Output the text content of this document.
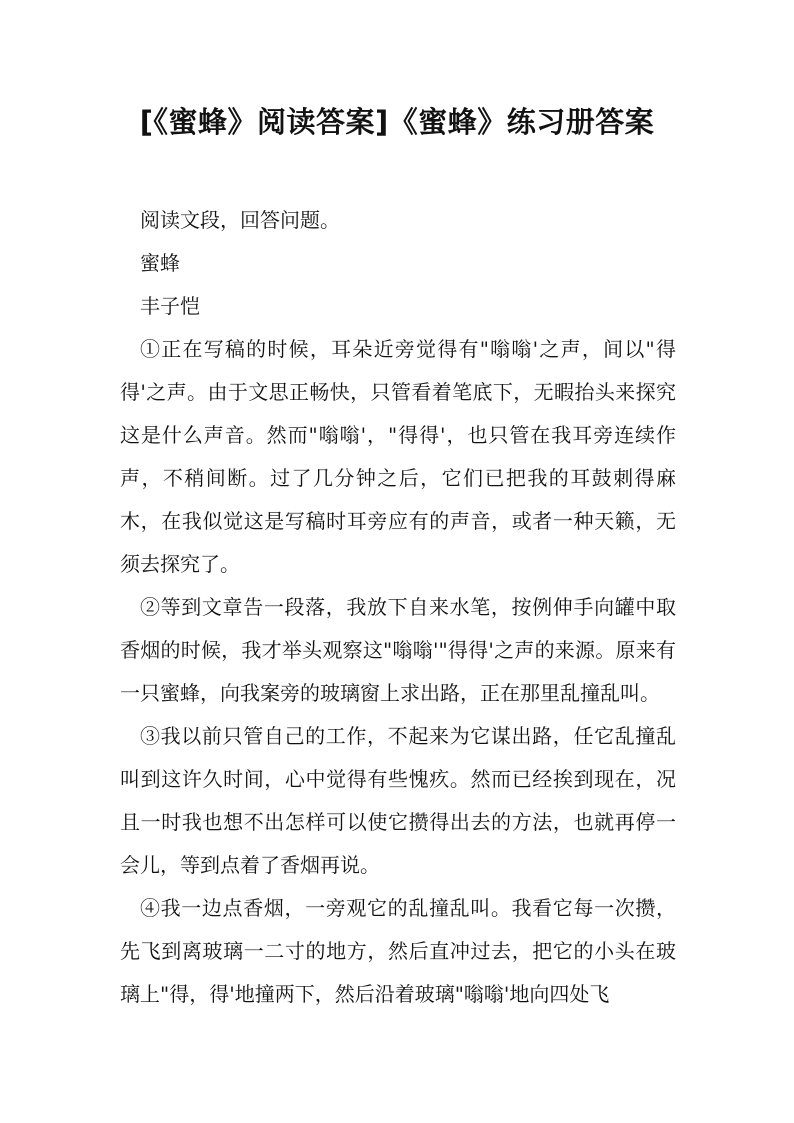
[《蜜蜂》阅读答案]《蜜蜂》练习册答案

阅读文段，回答问题。

蜜蜂

丰子恺

①正在写稿的时候，耳朵近旁觉得有"嗡嗡'之声，间以"得得'之声。由于文思正畅快，只管看着笔底下，无暇抬头来探究这是什么声音。然而"嗡嗡'，"得得'，也只管在我耳旁连续作声，不稍间断。过了几分钟之后，它们已把我的耳鼓刺得麻木，在我似觉这是写稿时耳旁应有的声音，或者一种天籁，无须去探究了。

②等到文章告一段落，我放下自来水笔，按例伸手向罐中取香烟的时候，我才举头观察这"嗡嗡'"得得'之声的来源。原来有一只蜜蜂，向我案旁的玻璃窗上求出路，正在那里乱撞乱叫。

③我以前只管自己的工作，不起来为它谋出路，任它乱撞乱叫到这许久时间，心中觉得有些愧疚。然而已经挨到现在，况且一时我也想不出怎样可以使它攒得出去的方法，也就再停一会儿，等到点着了香烟再说。

④我一边点香烟，一旁观它的乱撞乱叫。我看它每一次攒，先飞到离玻璃一二寸的地方，然后直冲过去，把它的小头在玻璃上"得，得'地撞两下，然后沿着玻璃"嗡嗡'地向四处飞
